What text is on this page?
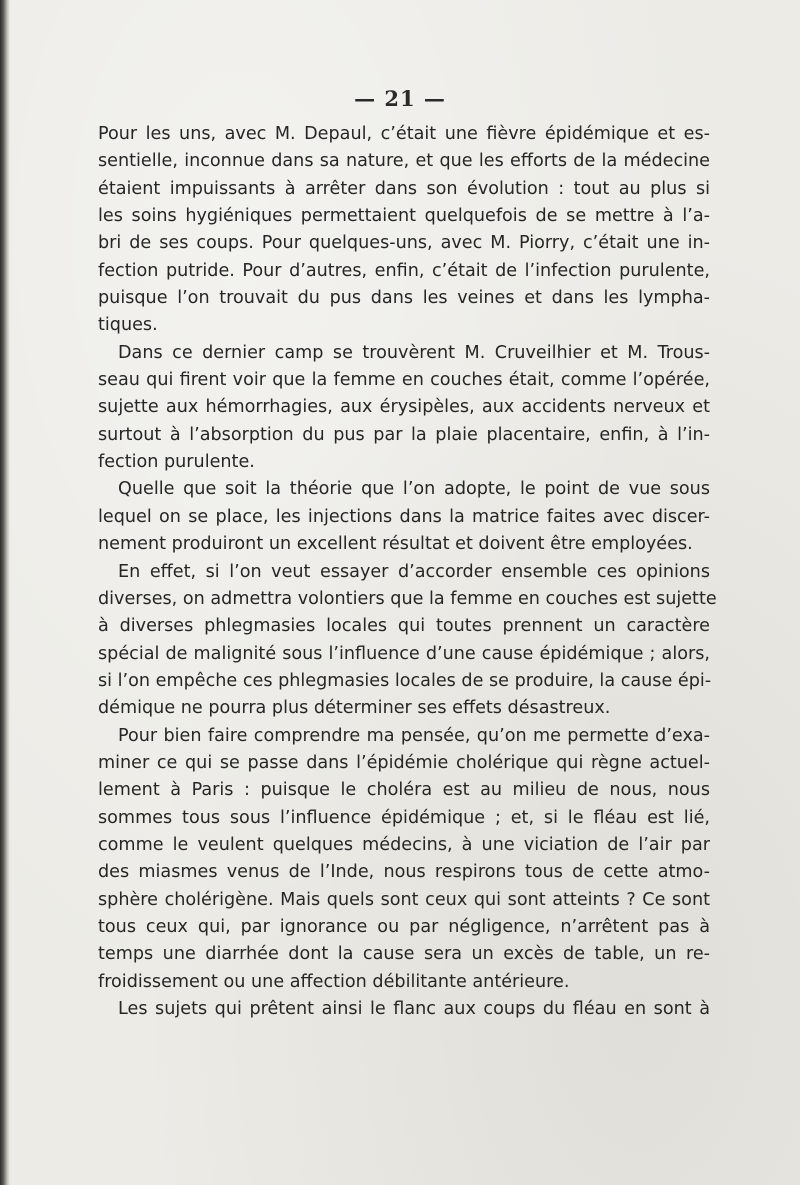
— 21 —
Pour les uns, avec M. Depaul, c’était une fièvre épidémique et es-
sentielle, inconnue dans sa nature, et que les efforts de la médecine
étaient impuissants à arrêter dans son évolution : tout au plus si
les soins hygiéniques permettaient quelquefois de se mettre à l’a-
bri de ses coups. Pour quelques-uns, avec M. Piorry, c’était une in-
fection putride. Pour d’autres, enfin, c’était de l’infection purulente,
puisque l’on trouvait du pus dans les veines et dans les lympha-
tiques.
Dans ce dernier camp se trouvèrent M. Cruveilhier et M. Trous-
seau qui firent voir que la femme en couches était, comme l’opérée,
sujette aux hémorrhagies, aux érysipèles, aux accidents nerveux et
surtout à l’absorption du pus par la plaie placentaire, enfin, à l’in-
fection purulente.
Quelle que soit la théorie que l’on adopte, le point de vue sous
lequel on se place, les injections dans la matrice faites avec discer-
nement produiront un excellent résultat et doivent être employées.
En effet, si l’on veut essayer d’accorder ensemble ces opinions
diverses, on admettra volontiers que la femme en couches est sujette
à diverses phlegmasies locales qui toutes prennent un caractère
spécial de malignité sous l’influence d’une cause épidémique ; alors,
si l’on empêche ces phlegmasies locales de se produire, la cause épi-
démique ne pourra plus déterminer ses effets désastreux.
Pour bien faire comprendre ma pensée, qu’on me permette d’exa-
miner ce qui se passe dans l’épidémie cholérique qui règne actuel-
lement à Paris : puisque le choléra est au milieu de nous, nous
sommes tous sous l’influence épidémique ; et, si le fléau est lié,
comme le veulent quelques médecins, à une viciation de l’air par
des miasmes venus de l’Inde, nous respirons tous de cette atmo-
sphère cholérigène. Mais quels sont ceux qui sont atteints ? Ce sont
tous ceux qui, par ignorance ou par négligence, n’arrêtent pas à
temps une diarrhée dont la cause sera un excès de table, un re-
froidissement ou une affection débilitante antérieure.
Les sujets qui prêtent ainsi le flanc aux coups du fléau en sont à
